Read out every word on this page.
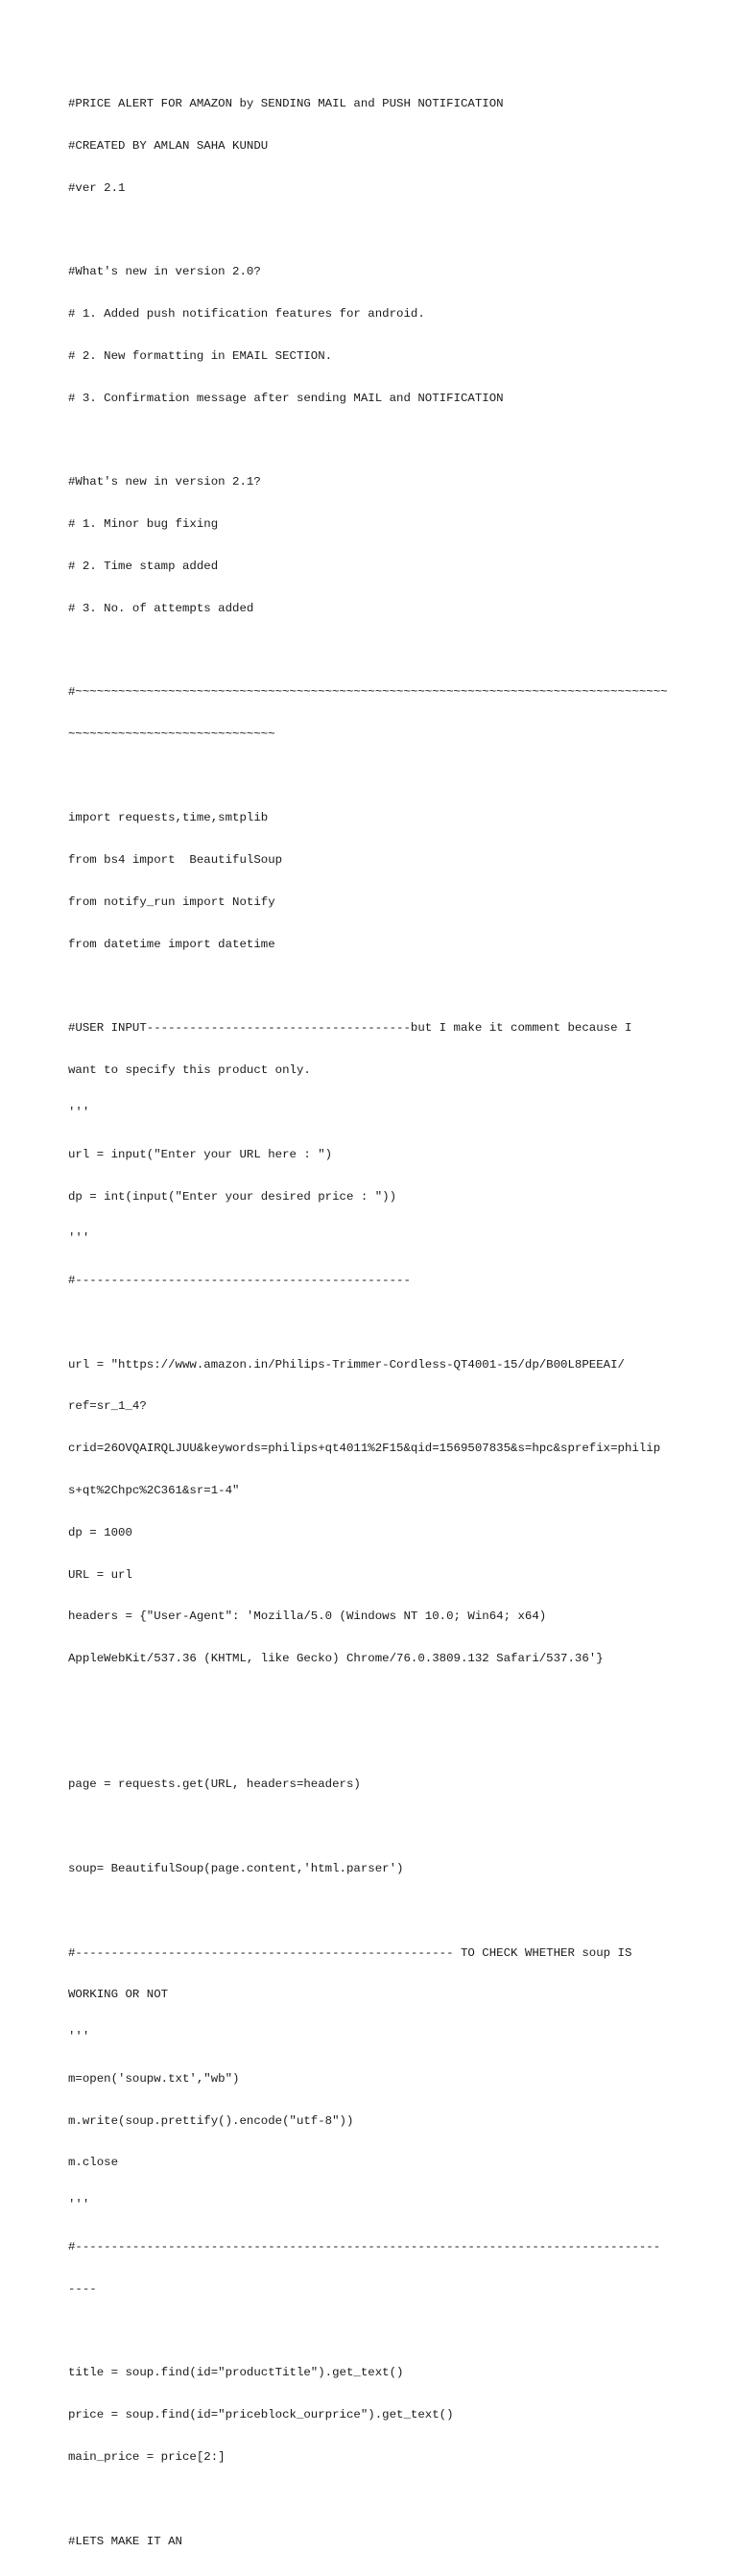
#PRICE ALERT FOR AMAZON by SENDING MAIL and PUSH NOTIFICATION

#CREATED BY AMLAN SAHA KUNDU

#ver 2.1

#What's new in version 2.0?

# 1. Added push notification features for android.

# 2. New formatting in EMAIL SECTION.

# 3. Confirmation message after sending MAIL and NOTIFICATION

#What's new in version 2.1?

# 1. Minor bug fixing

# 2. Time stamp added

# 3. No. of attempts added

#~~~~~~~~~~~~~~~~~~~~~~~~~~~~~~~~~~~~~~~~~~~~~~~~~~~~~~~~~~~~~~~~~~~~~~~~~~~~~~~~~~~

~~~~~~~~~~~~~~~~~~~~~~~~~~~~~

import requests,time,smtplib

from bs4 import  BeautifulSoup

from notify_run import Notify

from datetime import datetime

#USER INPUT-------------------------------------but I make it comment because I

want to specify this product only.

'''

url = input("Enter your URL here : ")

dp = int(input("Enter your desired price : "))

'''

#-----------------------------------------------

url = "https://www.amazon.in/Philips-Trimmer-Cordless-QT4001-15/dp/B00L8PEEAI/

ref=sr_1_4?

crid=26OVQAIRQLJUU&keywords=philips+qt4011%2F15&qid=1569507835&s=hpc&sprefix=philip

s+qt%2Chpc%2C361&sr=1-4"

dp = 1000

URL = url

headers = {"User-Agent": 'Mozilla/5.0 (Windows NT 10.0; Win64; x64)

AppleWebKit/537.36 (KHTML, like Gecko) Chrome/76.0.3809.132 Safari/537.36'}

page = requests.get(URL, headers=headers)

soup= BeautifulSoup(page.content,'html.parser')

#----------------------------------------------------- TO CHECK WHETHER soup IS

WORKING OR NOT

'''

m=open('soupw.txt',"wb")

m.write(soup.prettify().encode("utf-8"))

m.close

'''

#----------------------------------------------------------------------------------

----

title = soup.find(id="productTitle").get_text()

price = soup.find(id="priceblock_ourprice").get_text()

main_price = price[2:]

#LETS MAKE IT AN
